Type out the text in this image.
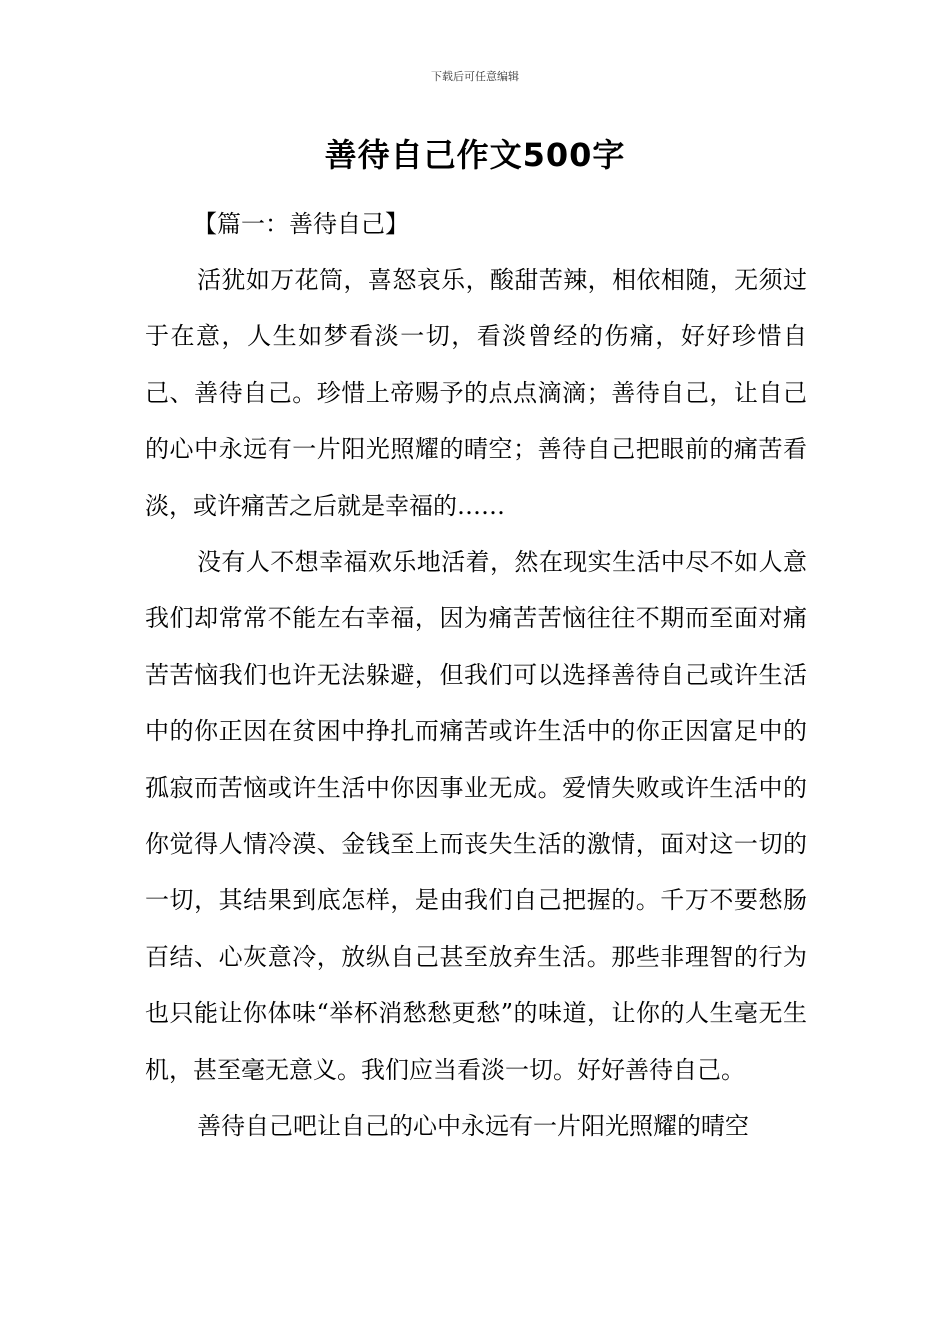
下载后可任意编辑
善待自己作文500字

【篇一：善待自己】

活犹如万花筒，喜怒哀乐，酸甜苦辣，相依相随，无须过于在意，人生如梦看淡一切，看淡曾经的伤痛，好好珍惜自己、善待自己。珍惜上帝赐予的点点滴滴；善待自己，让自己的心中永远有一片阳光照耀的晴空；善待自己把眼前的痛苦看淡，或许痛苦之后就是幸福的……

没有人不想幸福欢乐地活着，然在现实生活中尽不如人意我们却常常不能左右幸福，因为痛苦苦恼往往不期而至面对痛苦苦恼我们也许无法躲避，但我们可以选择善待自己或许生活中的你正因在贫困中挣扎而痛苦或许生活中的你正因富足中的孤寂而苦恼或许生活中你因事业无成。爱情失败或许生活中的你觉得人情冷漠、金钱至上而丧失生活的激情，面对这一切的一切，其结果到底怎样，是由我们自己把握的。千万不要愁肠百结、心灰意冷，放纵自己甚至放弃生活。那些非理智的行为也只能让你体味“举杯消愁愁更愁”的味道，让你的人生毫无生机，甚至毫无意义。我们应当看淡一切。好好善待自己。

善待自己吧让自己的心中永远有一片阳光照耀的晴空
